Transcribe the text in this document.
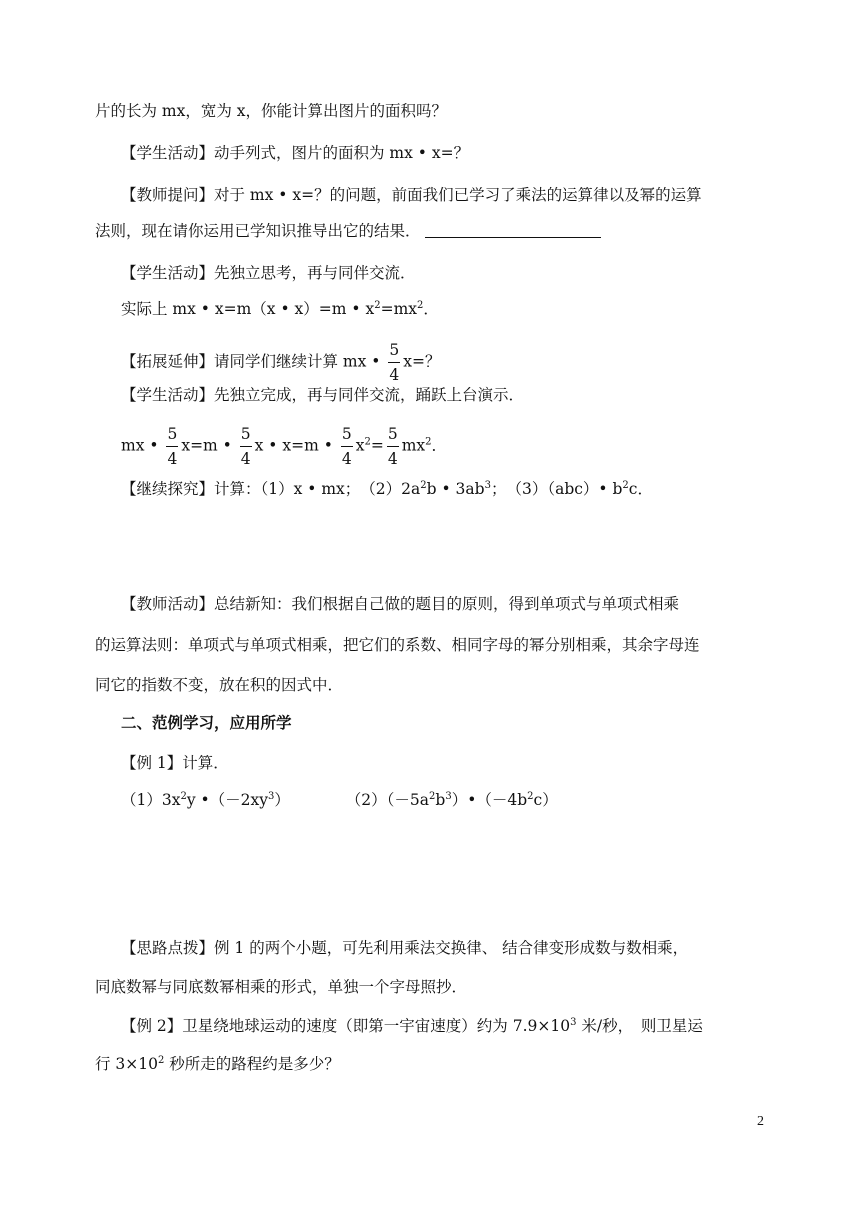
片的长为 mx，宽为 x，你能计算出图片的面积吗？
【学生活动】动手列式，图片的面积为 mx • x=？
【教师提问】对于 mx • x=？的问题，前面我们已学习了乘法的运算律以及幂的运算
法则，现在请你运用已学知识推导出它的结果．
【学生活动】先独立思考，再与同伴交流．
实际上 mx • x=m（x • x）=m • $x^2=mx^2$．
【拓展延伸】请同学们继续计算 mx • $\frac{5}{4} x=$？
【学生活动】先独立完成，再与同伴交流，踊跃上台演示．
mx • $\frac{5}{4} x=m$ • $\frac{5}{4}$ x • x=m • $\frac{5}{4} x^2= \frac{5}{4} mx^2$．
【继续探究】计算：（1）x • mx；　$(2)2a^2b$ • $3ab^3$；　（3）（abc）• $b^2c$．
【教师活动】总结新知：我们根据自己做的题目的原则，得到单项式与单项式相乘
的运算法则：单项式与单项式相乘，把它们的系数、相同字母的幂分别相乘，其余字母连
同它的指数不变，放在积的因式中．
二、范例学习，应用所学
【例 1】计算．
$(1)3x^2y$ $•(-2xy^3)$	$(2)(-5a^2b^3)•(-4b^2c)$
【思路点拨】例 1 的两个小题，可先利用乘法交换律、 结合律变形成数与数相乘，
同底数幂与同底数幂相乘的形式，单独一个字母照抄．
【例 2】卫星绕地球运动的速度（即第一宇宙速度）约为 $7.9\times 10^3$ 米/秒，　则卫星运
行 $3\times 10^2$ 秒所走的路程约是多少？
2
